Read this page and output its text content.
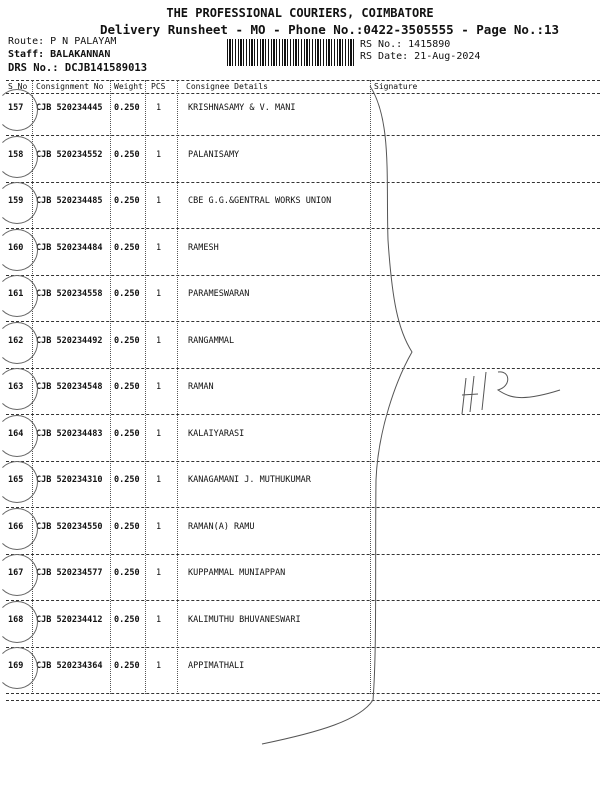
THE PROFESSIONAL COURIERS, COIMBATORE
Delivery Runsheet - MO - Phone No.:0422-3505555 - Page No.:13
Route: P N PALAYAM
Staff: BALAKANNAN
DRS No.: DCJB141589013
RS No.: 1415890
RS Date: 21-Aug-2024
S No Consignment No Weight PCS	Consignee Details	Signature
157 CJB 520234445 0.250 1	KRISHNASAMY & V. MANI
158 CJB 520234552 0.250 1	PALANISAMY
159 CJB 520234485 0.250 1	CBE G.G.&GENTRAL WORKS UNION
160 CJB 520234484 0.250 1	RAMESH
161 CJB 520234558 0.250 1	PARAMESWARAN
162 CJB 520234492 0.250 1	RANGAMMAL
163 CJB 520234548 0.250 1	RAMAN
164 CJB 520234483 0.250 1	KALAIYARASI
165 CJB 520234310 0.250 1	KANAGAMANI J. MUTHUKUMAR
166 CJB 520234550 0.250 1	RAMAN(A) RAMU
167 CJB 520234577 0.250 1	KUPPAMMAL MUNIAPPAN
168 CJB 520234412 0.250 1	KALIMUTHU BHUVANESWARI
169 CJB 520234364 0.250 1	APPIMATHALI
